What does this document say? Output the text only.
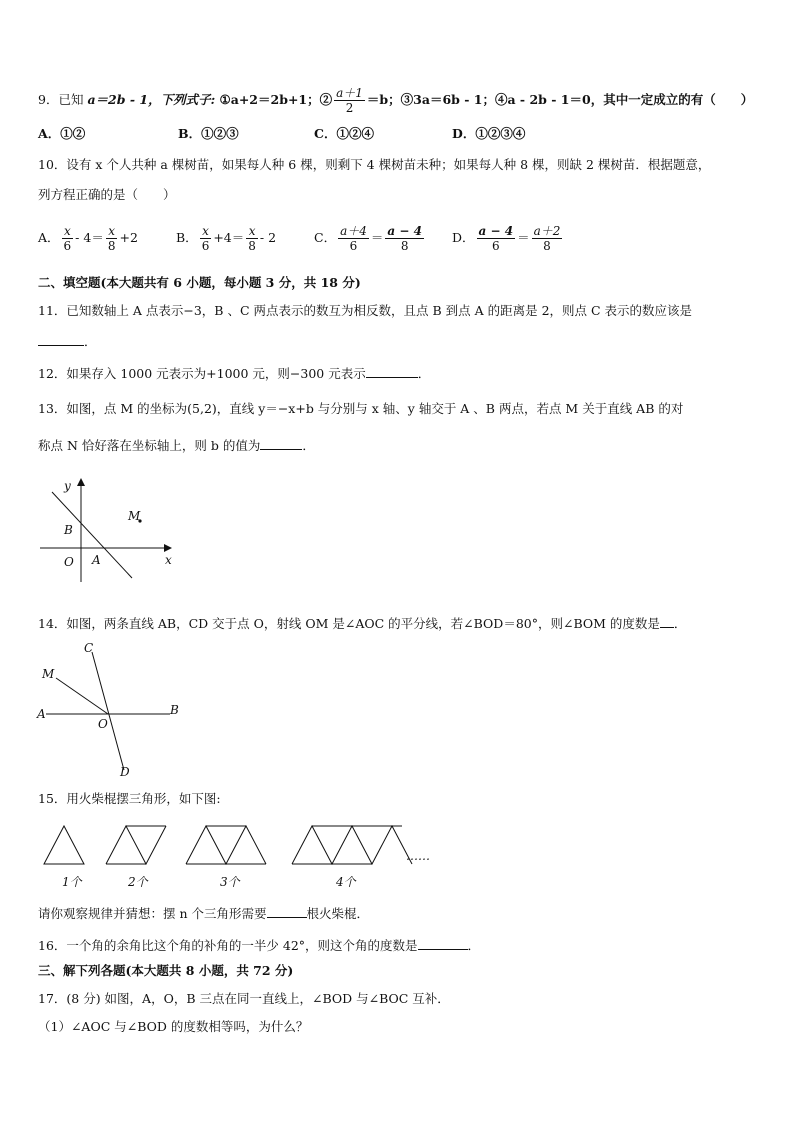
9．已知 a＝2b - 1，下列式子: ①a+2＝2b+1；② $\frac{a+1}{2} =b$；③3a＝6b - 1；④a - 2b - 1＝0，其中一定成立的有（　　）
A．①②	B．①②③	C．①②④	D．①②③④
10．设有 x 个人共种 a 棵树苗，如果每人种 6 棵，则剩下 4 棵树苗未种；如果每人种 8 棵，则缺 2 棵树苗．根据题意，
列方程正确的是（　　）
A． $\frac{x}{6} - 4= \frac{x}{8} +2$	B． $\frac{x}{6} +4= \frac{x}{8} - 2$	C． $\frac{a+4}{6} = \frac{a - 4}{8}$ D． $\frac{a - 4}{6} = \frac{a+2}{8}$
二、填空题(本大题共有 6 小题，每小题 3 分，共 18 分)
11．已知数轴上 A 点表示−3，B 、C 两点表示的数互为相反数，且点 B 到点 A 的距离是 2，则点 C 表示的数应该是
．
12．如果存入 1000 元表示为+1000 元，则−300 元表示	．
13．如图，点 M 的坐标为(5,2)，直线 y＝−x+b 与分别与 x 轴、y 轴交于 A 、B 两点，若点 M 关于直线 AB 的对
称点 N 恰好落在坐标轴上，则 b 的值为	．
y
x
M
B
O A
14．如图，两条直线 AB，CD 交于点 O，射线 OM 是∠AOC 的平分线，若∠BOD＝80°，则∠BOM 的度数是 ．
C
M
A	B
O
D
15．用火柴棍摆三角形，如下图:
1个	2个	3个	4个
……
请你观察规律并猜想：摆 n 个三角形需要	根火柴棍．
16．一个角的余角比这个角的补角的一半少 42°，则这个角的度数是	．
三、解下列各题(本大题共 8 小题，共 72 分)
17．(8 分) 如图，A，O，B 三点在同一直线上，∠BOD 与∠BOC 互补．
（1）∠AOC 与∠BOD 的度数相等吗，为什么？
